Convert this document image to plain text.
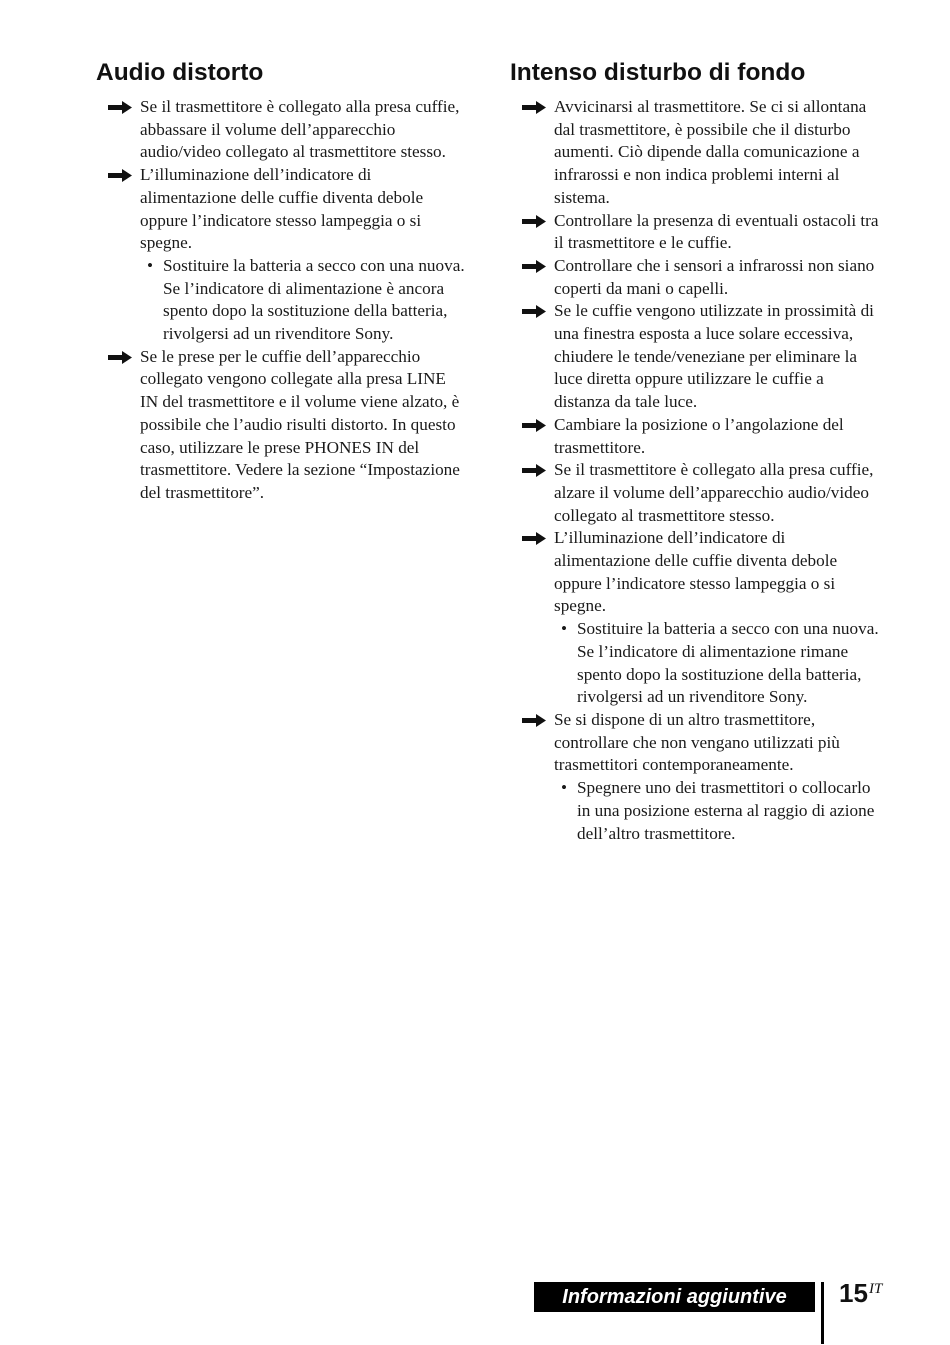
Audio distorto
Se il trasmettitore è collegato alla presa cuffie, abbassare il volume dell’apparecchio audio/video collegato al trasmettitore stesso.
L’illuminazione dell’indicatore di alimentazione delle cuffie diventa debole oppure l’indicatore stesso lampeggia o si spegne.
• Sostituire la batteria a secco con una nuova. Se l’indicatore di alimentazione è ancora spento dopo la sostituzione della batteria, rivolgersi ad un rivenditore Sony.
Se le prese per le cuffie dell’apparecchio collegato vengono collegate alla presa LINE IN del trasmettitore e il volume viene alzato, è possibile che l’audio risulti distorto. In questo caso, utilizzare le prese PHONES IN del trasmettitore. Vedere la sezione “Impostazione del trasmettitore”.
Intenso disturbo di fondo
Avvicinarsi al trasmettitore. Se ci si allontana dal trasmettitore, è possibile che il disturbo aumenti. Ciò dipende dalla comunicazione a infrarossi e non indica problemi interni al sistema.
Controllare la presenza di eventuali ostacoli tra il trasmettitore e le cuffie.
Controllare che i sensori a infrarossi non siano coperti da mani o capelli.
Se le cuffie vengono utilizzate in prossimità di una finestra esposta a luce solare eccessiva, chiudere le tende/veneziane per eliminare la luce diretta oppure utilizzare le cuffie a distanza da tale luce.
Cambiare la posizione o l’angolazione del trasmettitore.
Se il trasmettitore è collegato alla presa cuffie, alzare il volume dell’apparecchio audio/video collegato al trasmettitore stesso.
L’illuminazione dell’indicatore di alimentazione delle cuffie diventa debole oppure l’indicatore stesso lampeggia o si spegne.
• Sostituire la batteria a secco con una nuova. Se l’indicatore di alimentazione rimane spento dopo la sostituzione della batteria, rivolgersi ad un rivenditore Sony.
Se si dispone di un altro trasmettitore, controllare che non vengano utilizzati più trasmettitori contemporaneamente.
• Spegnere uno dei trasmettitori o collocarlo in una posizione esterna al raggio di azione dell’altro trasmettitore.
Informazioni aggiuntive	15 IT
